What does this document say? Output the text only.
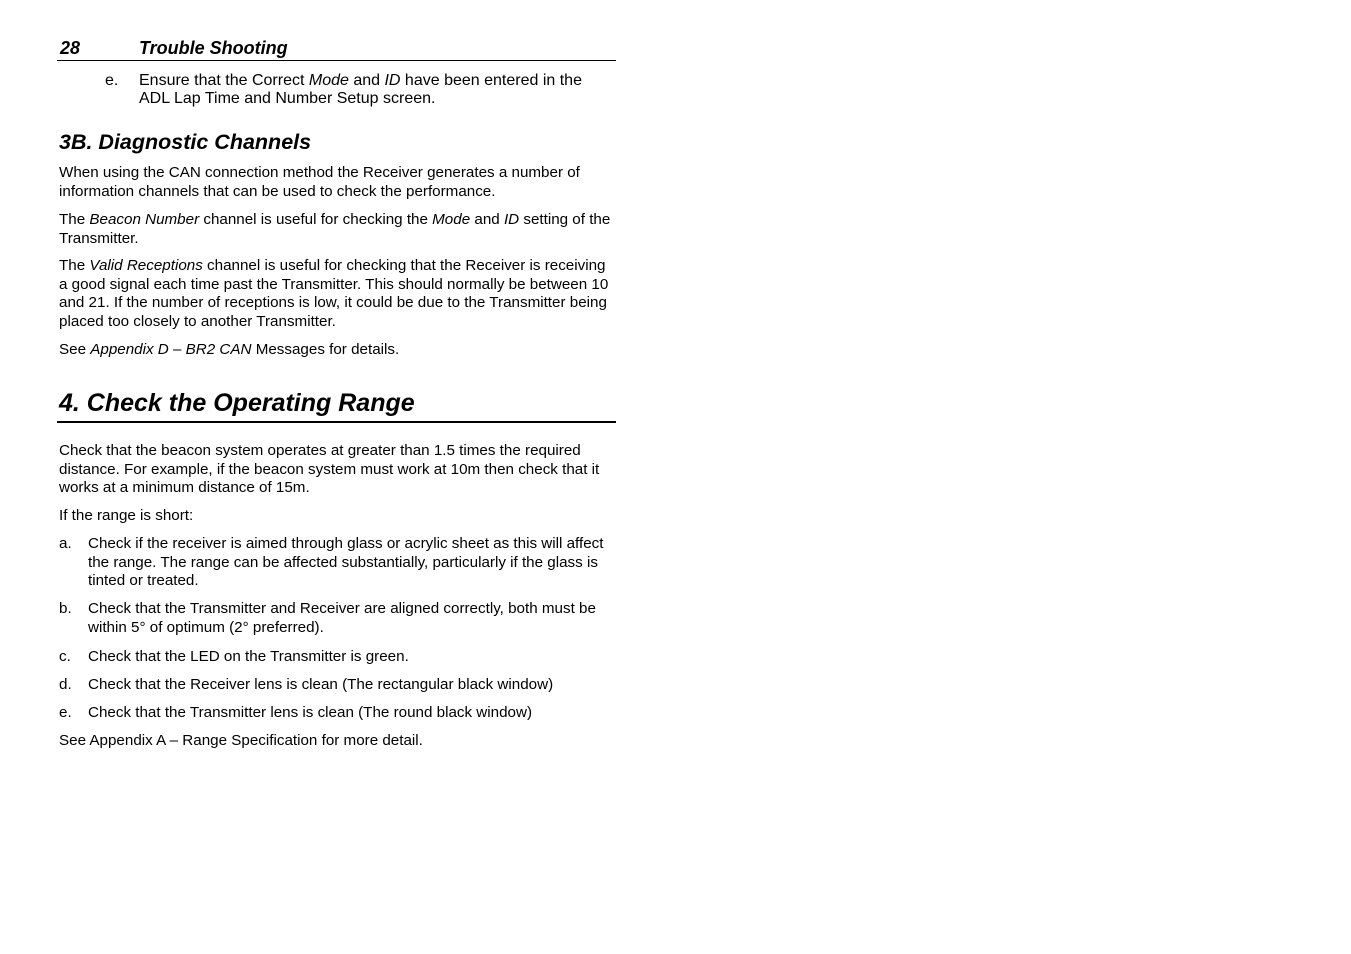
28	Trouble Shooting
e. Ensure that the Correct Mode and ID have been entered in the ADL Lap Time and Number Setup screen.
3B. Diagnostic Channels

When using the CAN connection method the Receiver generates a number of information channels that can be used to check the performance.

The Beacon Number channel is useful for checking the Mode and ID setting of the Transmitter.

The Valid Receptions channel is useful for checking that the Receiver is receiving a good signal each time past the Transmitter. This should normally be between 10 and 21. If the number of receptions is low, it could be due to the Transmitter being placed too closely to another Transmitter.

See Appendix D – BR2 CAN Messages for details.

4. Check the Operating Range

Check that the beacon system operates at greater than 1.5 times the required distance. For example, if the beacon system must work at 10m then check that it works at a minimum distance of 15m.

If the range is short:

a. Check if the receiver is aimed through glass or acrylic sheet as this will affect the range. The range can be affected substantially, particularly if the glass is tinted or treated.
b. Check that the Transmitter and Receiver are aligned correctly, both must be within 5° of optimum (2° preferred).
c. Check that the LED on the Transmitter is green.
d. Check that the Receiver lens is clean (The rectangular black window)
e. Check that the Transmitter lens is clean (The round black window)

See Appendix A – Range Specification for more detail.
